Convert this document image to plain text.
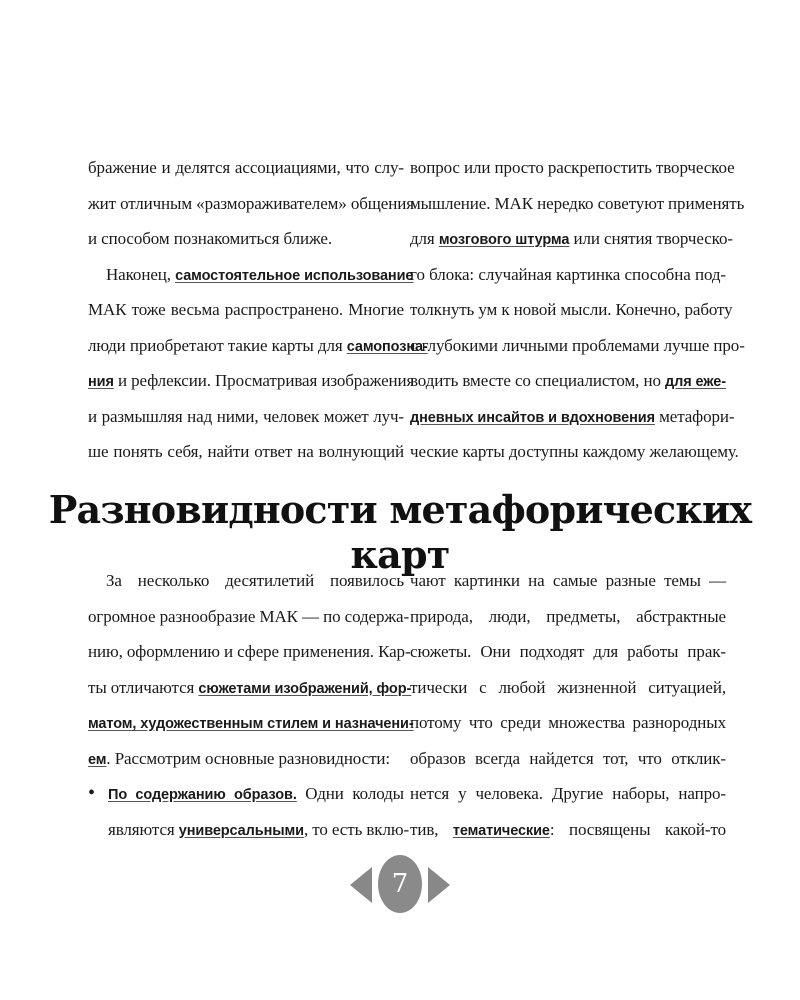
бражение и делятся ассоциациями, что слу-
жит отличным «размораживателем» общения
и способом познакомиться ближе.
Наконец, самостоятельное использование
МАК тоже весьма распространено. Многие
люди приобретают такие карты для самопозна-
ния и рефлексии. Просматривая изображения
и размышляя над ними, человек может луч-
ше понять себя, найти ответ на волнующий
вопрос или просто раскрепостить творческое
мышление. МАК нередко советуют применять
для мозгового штурма или снятия творческо-
го блока: случайная картинка способна под-
толкнуть ум к новой мысли. Конечно, работу
с глубокими личными проблемами лучше про-
водить вместе со специалистом, но для еже-
дневных инсайтов и вдохновения метафори-
ческие карты доступны каждому желающему.
Разновидности метафорических карт
За несколько десятилетий появилось
огромное разнообразие МАК — по содержа-
нию, оформлению и сфере применения. Кар-
ты отличаются сюжетами изображений, фор-
матом, художественным стилем и назначени-
ем. Рассмотрим основные разновидности:
• По содержанию образов. Одни колоды
являются универсальными, то есть вклю-
чают картинки на самые разные темы —
природа, люди, предметы, абстрактные
сюжеты. Они подходят для работы прак-
тически с любой жизненной ситуацией,
потому что среди множества разнородных
образов всегда найдется тот, что отклик-
нется у человека. Другие наборы, напро-
тив, тематические: посвящены какой-то
7
